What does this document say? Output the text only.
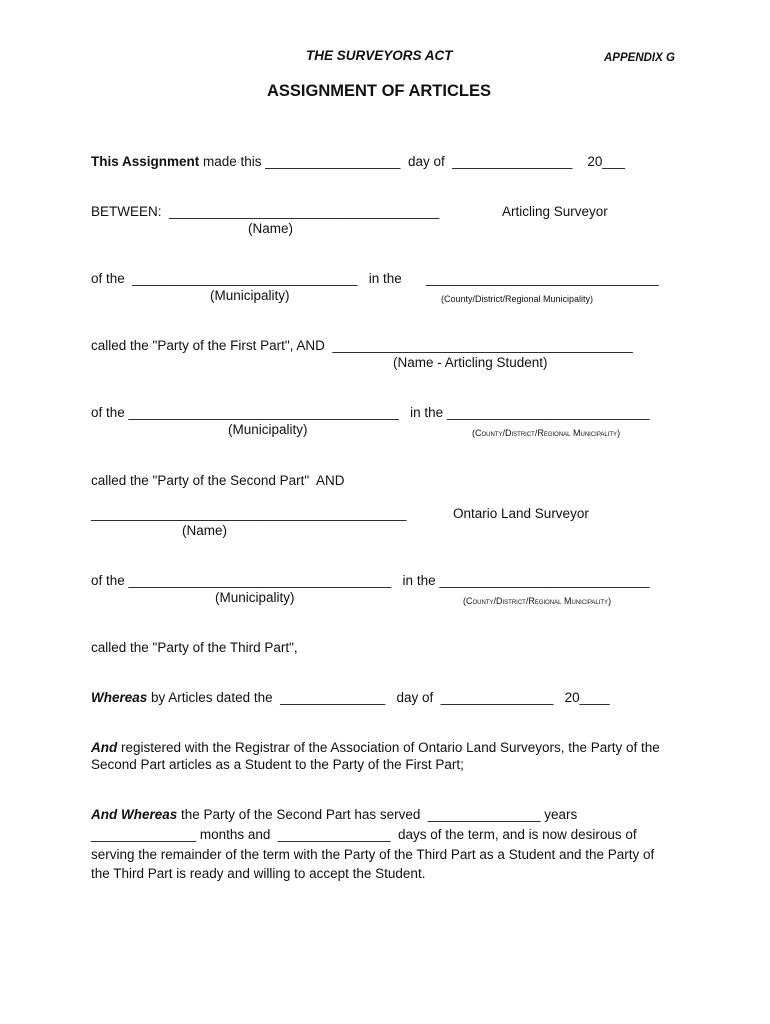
THE SURVEYORS ACT	APPENDIX G
ASSIGNMENT OF ARTICLES
This Assignment made this __________________  day of  ________________    20___
BETWEEN:  ____________________________________	Articling Surveyor
(Name)
of the  ______________________________   in the _______________________________
(Municipality)	(County/District/Regional Municipality)
called the "Party of the First Part", AND  ________________________________________
(Name - Articling Student)
of the ____________________________________   in the ___________________________
(Municipality)	(County/District/Regional Municipality)
called the "Party of the Second Part"  AND
__________________________________________	Ontario Land Surveyor
(Name)
of the ___________________________________   in the ____________________________
(Municipality)	(County/District/Regional Municipality)
called the "Party of the Third Part",
Whereas by Articles dated the  ______________   day of  _______________   20____
And registered with the Registrar of the Association of Ontario Land Surveyors, the Party of the
Second Part articles as a Student to the Party of the First Part;
And Whereas the Party of the Second Part has served  _______________ years
______________ months and  _______________  days of the term, and is now desirous of
serving the remainder of the term with the Party of the Third Part as a Student and the Party of
the Third Part is ready and willing to accept the Student.
